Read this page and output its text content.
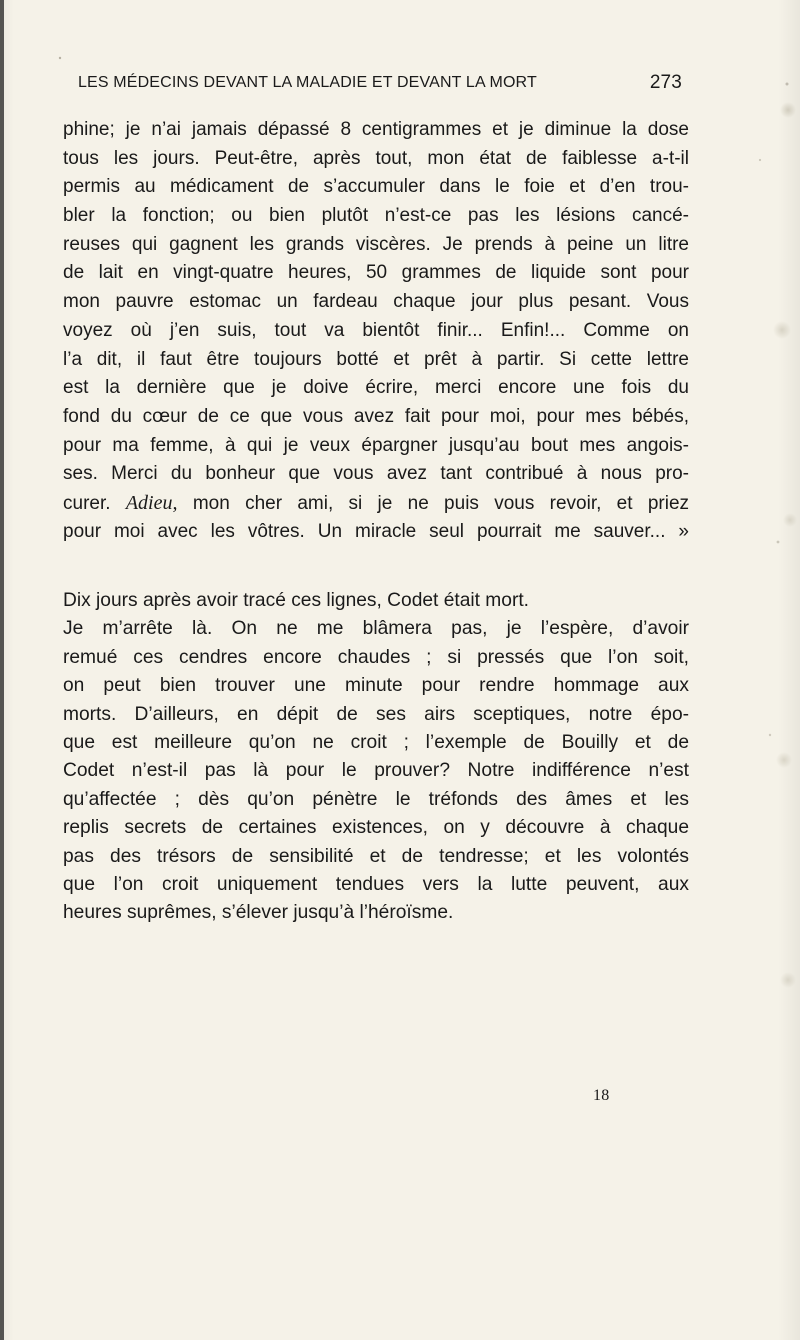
LES MÉDECINS DEVANT LA MALADIE ET DEVANT LA MORT	273
phine; je n’ai jamais dépassé 8 centigrammes et je diminue la dose
tous les jours. Peut-être, après tout, mon état de faiblesse a-t-il
permis au médicament de s’accumuler dans le foie et d’en trou-
bler la fonction; ou bien plutôt n’est-ce pas les lésions cancé-
reuses qui gagnent les grands viscères. Je prends à peine un litre
de lait en vingt-quatre heures, 50 grammes de liquide sont pour
mon pauvre estomac un fardeau chaque jour plus pesant. Vous
voyez où j’en suis, tout va bientôt finir... Enfin!... Comme on
l’a dit, il faut être toujours botté et prêt à partir. Si cette lettre
est la dernière que je doive écrire, merci encore une fois du
fond du cœur de ce que vous avez fait pour moi, pour mes bébés,
pour ma femme, à qui je veux épargner jusqu’au bout mes angois-
ses. Merci du bonheur que vous avez tant contribué à nous pro-
curer. Adieu, mon cher ami, si je ne puis vous revoir, et priez
pour moi avec les vôtres. Un miracle seul pourrait me sauver... »
Dix jours après avoir tracé ces lignes, Codet était mort.
Je m’arrête là. On ne me blâmera pas, je l’espère, d’avoir
remué ces cendres encore chaudes ; si pressés que l’on soit,
on peut bien trouver une minute pour rendre hommage aux
morts. D’ailleurs, en dépit de ses airs sceptiques, notre épo-
que est meilleure qu’on ne croit ; l’exemple de Bouilly et de
Codet n’est-il pas là pour le prouver? Notre indifférence n’est
qu’affectée ; dès qu’on pénètre le tréfonds des âmes et les
replis secrets de certaines existences, on y découvre à chaque
pas des trésors de sensibilité et de tendresse; et les volontés
que l’on croit uniquement tendues vers la lutte peuvent, aux
heures suprêmes, s’élever jusqu’à l’héroïsme.
18
